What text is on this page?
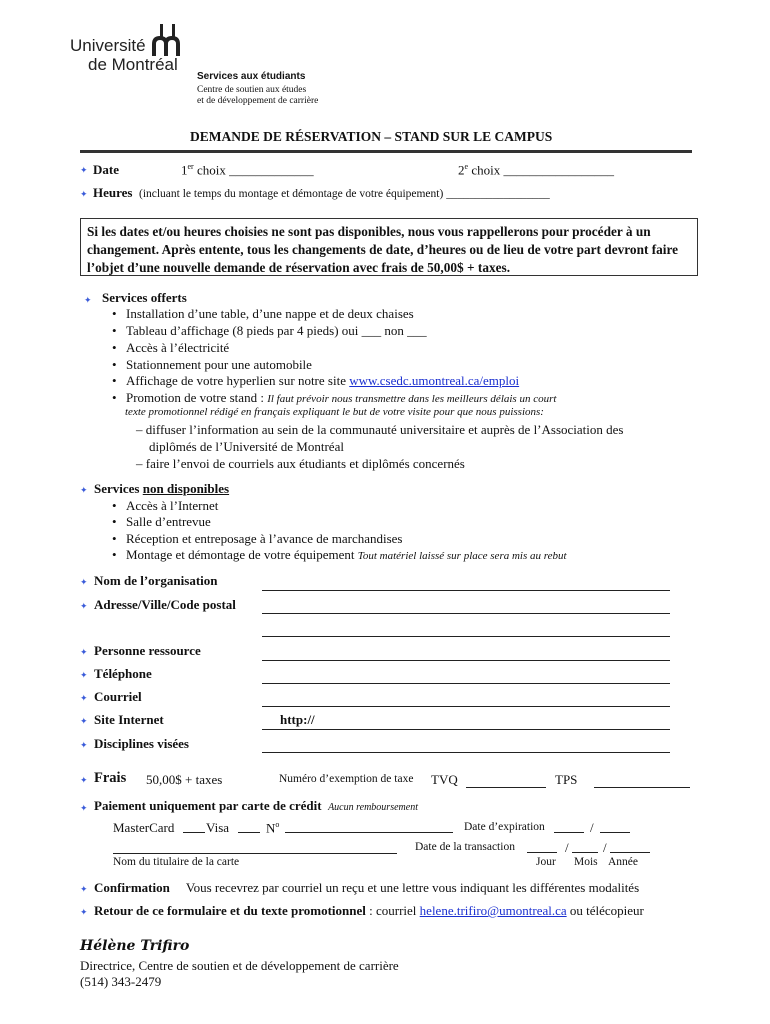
Université
de Montréal
Services aux étudiants
Centre de soutien aux études
et de développement de carrière
DEMANDE DE RÉSERVATION – STAND SUR LE CAMPUS
✦ Date	1er choix _____________	2e choix _________________
✦ Heures (incluant le temps du montage et démontage de votre équipement) __________________
Si les dates et/ou heures choisies ne sont pas disponibles, nous vous rappellerons pour procéder à un changement. Après entente, tous les changements de date, d’heures ou de lieu de votre part devront faire l’objet d’une nouvelle demande de réservation avec frais de 50,00$ + taxes.
✦ Services offerts
• Installation d’une table, d’une nappe et de deux chaises
• Tableau d’affichage (8 pieds par 4 pieds) oui ___ non ___
• Accès à l’électricité
• Stationnement pour une automobile
• Affichage de votre hyperlien sur notre site www.csedc.umontreal.ca/emploi
• Promotion de votre stand : Il faut prévoir nous transmettre dans les meilleurs délais un court
texte promotionnel rédigé en français expliquant le but de votre visite pour que nous puissions:
– diffuser l’information au sein de la communauté universitaire et auprès de l’Association des
diplômés de l’Université de Montréal
– faire l’envoi de courriels aux étudiants et diplômés concernés
✦ Services non disponibles
• Accès à l’Internet
• Salle d’entrevue
• Réception et entreposage à l’avance de marchandises
• Montage et démontage de votre équipement Tout matériel laissé sur place sera mis au rebut
✦ Nom de l’organisation
✦ Adresse/Ville/Code postal
✦ Personne ressource
✦ Téléphone
✦ Courriel
✦ Site Internet	http://
✦ Disciplines visées
✦ Frais 50,00$ + taxes	Numéro d’exemption de taxe TVQ	TPS
✦ Paiement uniquement par carte de crédit Aucun remboursement
MasterCard Visa	$N^o$	Date d’expiration	/
Date de la transaction	/	/
Nom du titulaire de la carte	Jour Mois Année
✦ Confirmation Vous recevrez par courriel un reçu et une lettre vous indiquant les différentes modalités
✦ Retour de ce formulaire et du texte promotionnel : courriel helene.trifiro@umontreal.ca ou télécopieur
Hélène Trifiro
Directrice, Centre de soutien et de développement de carrière
(514) 343-2479
